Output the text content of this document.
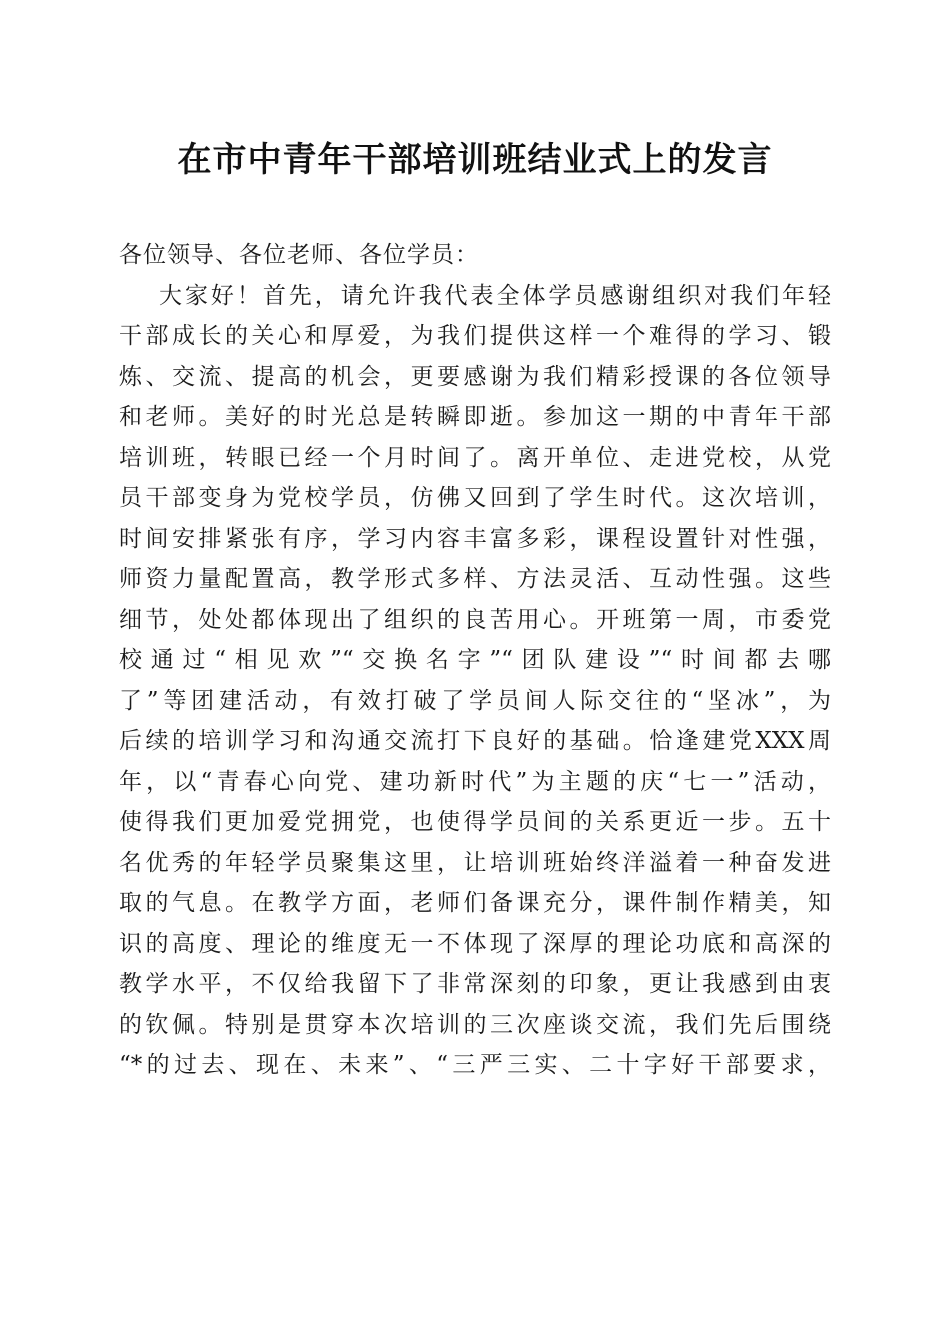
在市中青年干部培训班结业式上的发言
各位领导、各位老师、各位学员：
大家好！首先，请允许我代表全体学员感谢组织对我们年轻
干部成长的关心和厚爱，为我们提供这样一个难得的学习、锻
炼、交流、提高的机会，更要感谢为我们精彩授课的各位领导
和老师。美好的时光总是转瞬即逝。参加这一期的中青年干部
培训班，转眼已经一个月时间了。离开单位、走进党校，从党
员干部变身为党校学员，仿佛又回到了学生时代。这次培训，
时间安排紧张有序，学习内容丰富多彩，课程设置针对性强，
师资力量配置高，教学形式多样、方法灵活、互动性强。这些
细节，处处都体现出了组织的良苦用心。开班第一周，市委党
校通过“相见欢”“交换名字”“团队建设”“时间都去哪
了”等团建活动，有效打破了学员间人际交往的“坚冰”，为
后续的培训学习和沟通交流打下良好的基础。恰逢建党XXX周
年，以“青春心向党、建功新时代”为主题的庆“七一”活动，
使得我们更加爱党拥党，也使得学员间的关系更近一步。五十
名优秀的年轻学员聚集这里，让培训班始终洋溢着一种奋发进
取的气息。在教学方面，老师们备课充分，课件制作精美，知
识的高度、理论的维度无一不体现了深厚的理论功底和高深的
教学水平，不仅给我留下了非常深刻的印象，更让我感到由衷
的钦佩。特别是贯穿本次培训的三次座谈交流，我们先后围绕
“*的过去、现在、未来”、“三严三实、二十字好干部要求，
